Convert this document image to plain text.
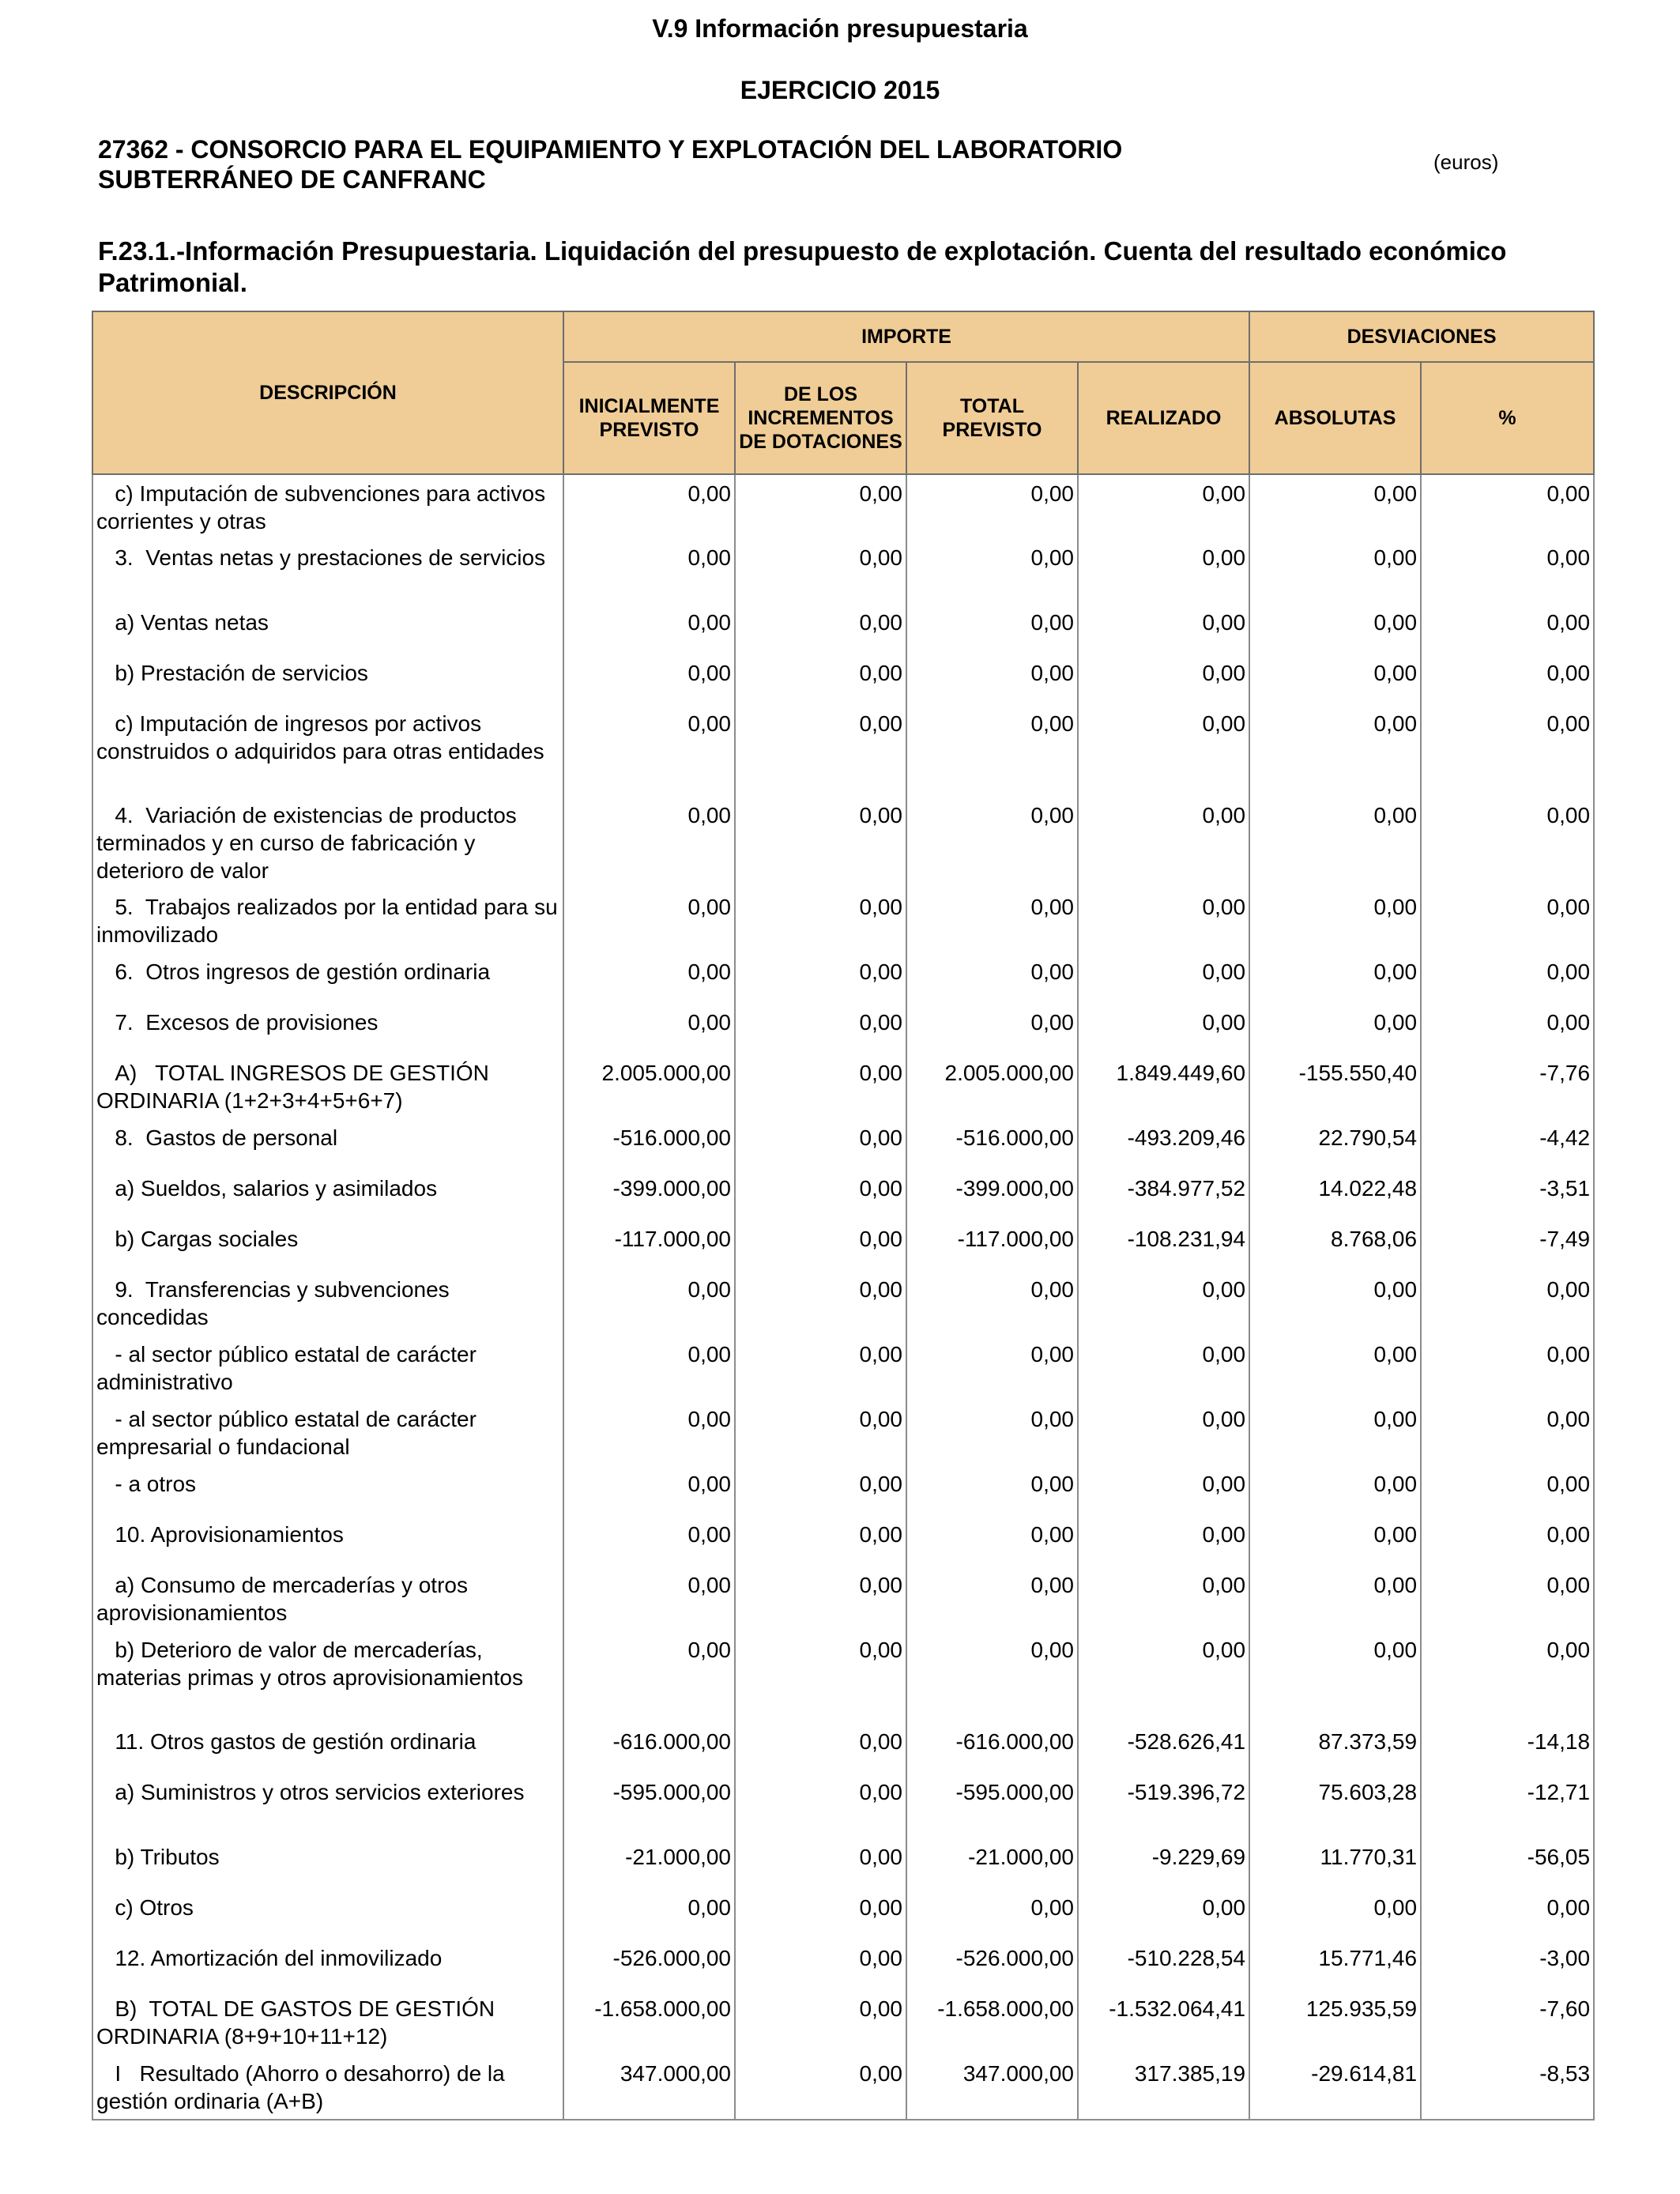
V.9 Información presupuestaria
EJERCICIO 2015
27362 - CONSORCIO PARA EL EQUIPAMIENTO Y EXPLOTACIÓN DEL LABORATORIO
SUBTERRÁNEO DE CANFRANC
(euros)
F.23.1.-Información Presupuestaria. Liquidación del presupuesto de explotación. Cuenta del resultado económico Patrimonial.
DESCRIPCIÓN	IMPORTE				DESVIACIONES	
	INICIALMENTE PREVISTO	DE LOS INCREMENTOS DE DOTACIONES	TOTAL PREVISTO	REALIZADO	ABSOLUTAS	%
c) Imputación de subvenciones para activos corrientes y otras	0,00	0,00	0,00	0,00	0,00	0,00
3.  Ventas netas y prestaciones de servicios	0,00	0,00	0,00	0,00	0,00	0,00
a) Ventas netas	0,00	0,00	0,00	0,00	0,00	0,00
b) Prestación de servicios	0,00	0,00	0,00	0,00	0,00	0,00
c) Imputación de ingresos por activos construidos o adquiridos para otras entidades	0,00	0,00	0,00	0,00	0,00	0,00
4.  Variación de existencias de productos terminados y en curso de fabricación y deterioro de valor	0,00	0,00	0,00	0,00	0,00	0,00
5.  Trabajos realizados por la entidad para su inmovilizado	0,00	0,00	0,00	0,00	0,00	0,00
6.  Otros ingresos de gestión ordinaria	0,00	0,00	0,00	0,00	0,00	0,00
7.  Excesos de provisiones	0,00	0,00	0,00	0,00	0,00	0,00
A)   TOTAL INGRESOS DE GESTIÓN ORDINARIA (1+2+3+4+5+6+7)	2.005.000,00	0,00	2.005.000,00	1.849.449,60	-155.550,40	-7,76
8.  Gastos de personal	-516.000,00	0,00	-516.000,00	-493.209,46	22.790,54	-4,42
a) Sueldos, salarios y asimilados	-399.000,00	0,00	-399.000,00	-384.977,52	14.022,48	-3,51
b) Cargas sociales	-117.000,00	0,00	-117.000,00	-108.231,94	8.768,06	-7,49
9.  Transferencias y subvenciones concedidas	0,00	0,00	0,00	0,00	0,00	0,00
- al sector público estatal de carácter administrativo	0,00	0,00	0,00	0,00	0,00	0,00
- al sector público estatal de carácter empresarial o fundacional	0,00	0,00	0,00	0,00	0,00	0,00
- a otros	0,00	0,00	0,00	0,00	0,00	0,00
10. Aprovisionamientos	0,00	0,00	0,00	0,00	0,00	0,00
a) Consumo de mercaderías y otros aprovisionamientos	0,00	0,00	0,00	0,00	0,00	0,00
b) Deterioro de valor de mercaderías, materias primas y otros aprovisionamientos	0,00	0,00	0,00	0,00	0,00	0,00
11. Otros gastos de gestión ordinaria	-616.000,00	0,00	-616.000,00	-528.626,41	87.373,59	-14,18
a) Suministros y otros servicios exteriores	-595.000,00	0,00	-595.000,00	-519.396,72	75.603,28	-12,71
b) Tributos	-21.000,00	0,00	-21.000,00	-9.229,69	11.770,31	-56,05
c) Otros	0,00	0,00	0,00	0,00	0,00	0,00
12. Amortización del inmovilizado	-526.000,00	0,00	-526.000,00	-510.228,54	15.771,46	-3,00
B)  TOTAL DE GASTOS DE GESTIÓN ORDINARIA (8+9+10+11+12)	-1.658.000,00	0,00	-1.658.000,00	-1.532.064,41	125.935,59	-7,60
I   Resultado (Ahorro o desahorro) de la gestión ordinaria (A+B)	347.000,00	0,00	347.000,00	317.385,19	-29.614,81	-8,53
